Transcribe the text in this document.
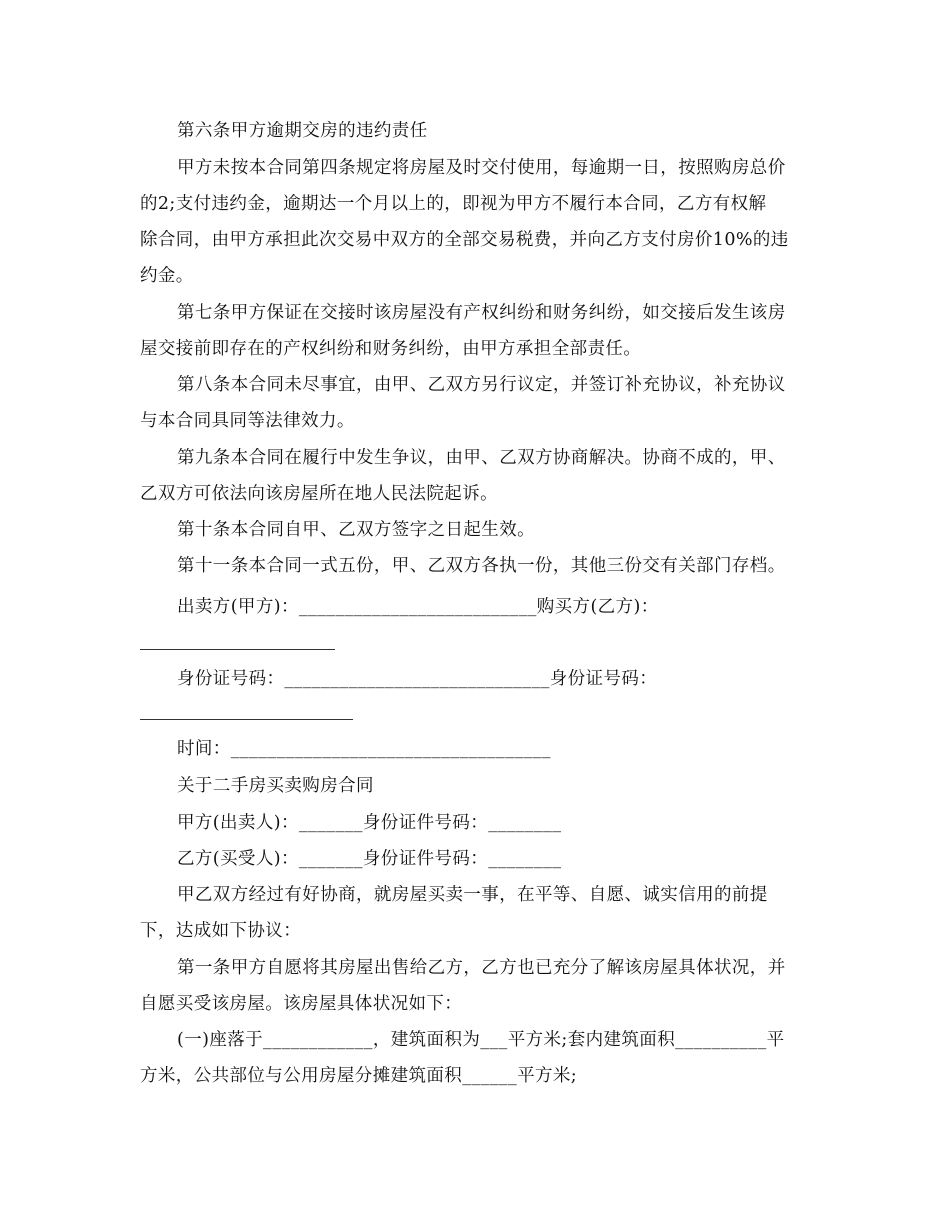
第六条甲方逾期交房的违约责任
甲方未按本合同第四条规定将房屋及时交付使用，每逾期一日，按照购房总价
的2;支付违约金，逾期达一个月以上的，即视为甲方不履行本合同，乙方有权解
除合同，由甲方承担此次交易中双方的全部交易税费，并向乙方支付房价10%的违
约金。
第七条甲方保证在交接时该房屋没有产权纠纷和财务纠纷，如交接后发生该房
屋交接前即存在的产权纠纷和财务纠纷，由甲方承担全部责任。
第八条本合同未尽事宜，由甲、乙双方另行议定，并签订补充协议，补充协议
与本合同具同等法律效力。
第九条本合同在履行中发生争议，由甲、乙双方协商解决。协商不成的，甲、
乙双方可依法向该房屋所在地人民法院起诉。
第十条本合同自甲、乙双方签字之日起生效。
第十一条本合同一式五份，甲、乙双方各执一份，其他三份交有关部门存档。
出卖方(甲方)：__________________________购买方(乙方)：
身份证号码：_____________________________身份证号码：
时间：___________________________________
关于二手房买卖购房合同
甲方(出卖人)：_______身份证件号码：________
乙方(买受人)：_______身份证件号码：________
甲乙双方经过有好协商，就房屋买卖一事，在平等、自愿、诚实信用的前提
下，达成如下协议：
第一条甲方自愿将其房屋出售给乙方，乙方也已充分了解该房屋具体状况，并
自愿买受该房屋。该房屋具体状况如下：
(一)座落于____________，建筑面积为___平方米;套内建筑面积__________平
方米，公共部位与公用房屋分摊建筑面积______平方米;
